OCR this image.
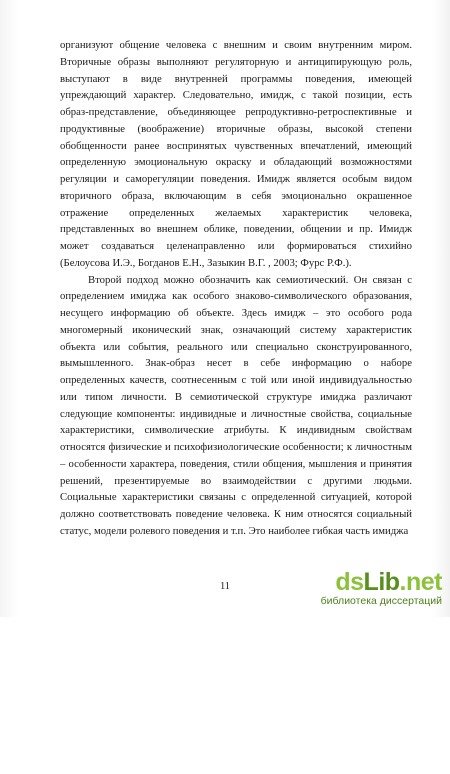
организуют общение человека с внешним и своим внутренним миром. Вторичные образы выполняют регуляторную и антиципирующую роль, выступают в виде внутренней программы поведения, имеющей упреждающий характер. Следовательно, имидж, с такой позиции, есть образ-представление, объединяющее репродуктивно-ретроспективные и продуктивные (воображение) вторичные образы, высокой степени обобщенности ранее воспринятых чувственных впечатлений, имеющий определенную эмоциональную окраску и обладающий возможностями регуляции и саморегуляции поведения. Имидж является особым видом вторичного образа, включающим в себя эмоционально окрашенное отражение определенных желаемых характеристик человека, представленных во внешнем облике, поведении, общении и пр. Имидж может создаваться целенаправленно или формироваться стихийно (Белоусова И.Э., Богданов Е.Н., Зазыкин В.Г. , 2003; Фурс Р.Ф.).

Второй подход можно обозначить как семиотический. Он связан с определением имиджа как особого знаково-символического образования, несущего информацию об объекте. Здесь имидж – это особого рода многомерный иконический знак, означающий систему характеристик объекта или события, реального или специально сконструированного, вымышленного. Знак-образ несет в себе информацию о наборе определенных качеств, соотнесенным с той или иной индивидуальностью или типом личности. В семиотической структуре имиджа различают следующие компоненты: индивидные и личностные свойства, социальные характеристики, символические атрибуты. К индивидным свойствам относятся физические и психофизиологические особенности; к личностным – особенности характера, поведения, стили общения, мышления и принятия решений, презентируемые во взаимодействии с другими людьми. Социальные характеристики связаны с определенной ситуацией, которой должно соответствовать поведение человека. К ним относятся социальный статус, модели ролевого поведения и т.п. Это наиболее гибкая часть имиджа

11	dsLib.net
библиотека диссертаций
